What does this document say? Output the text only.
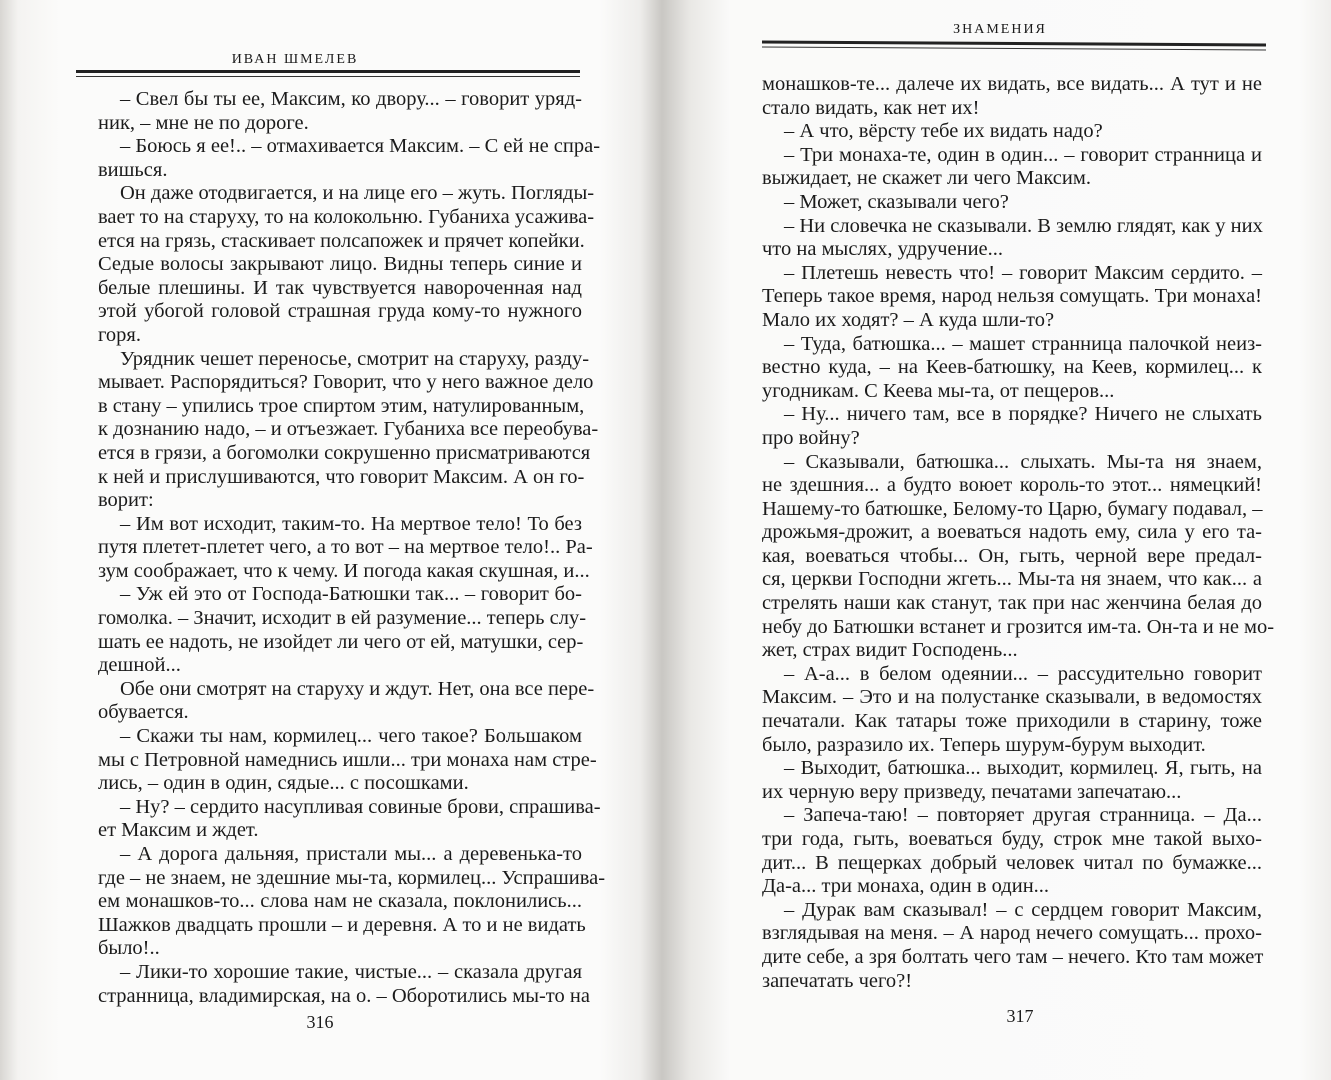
ИВАН ШМЕЛЕВ
– Свел бы ты ее, Максим, ко двору... – говорит уряд-
ник, – мне не по дороге.
– Боюсь я ее!.. – отмахивается Максим. – С ей не спра-
вишься.
Он даже отодвигается, и на лице его – жуть. Погляды-
вает то на старуху, то на колокольню. Губаниха усажива-
ется на грязь, стаскивает полсапожек и прячет копейки.
Седые волосы закрывают лицо. Видны теперь синие и
белые плешины. И так чувствуется навороченная над
этой убогой головой страшная груда кому-то нужного
горя.
Урядник чешет переносье, смотрит на старуху, разду-
мывает. Распорядиться? Говорит, что у него важное дело
в стану – упились трое спиртом этим, натулированным,
к дознанию надо, – и отъезжает. Губаниха все переобува-
ется в грязи, а богомолки сокрушенно присматриваются
к ней и прислушиваются, что говорит Максим. А он го-
ворит:
– Им вот исходит, таким-то. На мертвое тело! То без
путя плетет-плетет чего, а то вот – на мертвое тело!.. Ра-
зум соображает, что к чему. И погода какая скушная, и...
– Уж ей это от Господа-Батюшки так... – говорит бо-
гомолка. – Значит, исходит в ей разумение... теперь слу-
шать ее надоть, не изойдет ли чего от ей, матушки, сер-
дешной...
Обе они смотрят на старуху и ждут. Нет, она все пере-
обувается.
– Скажи ты нам, кормилец... чего такое? Большаком
мы с Петровной намеднись ишли... три монаха нам стре-
лись, – один в один, сядые... с посошками.
– Ну? – сердито насупливая совиные брови, спрашива-
ет Максим и ждет.
– А дорога дальняя, пристали мы... а деревенька-то
где – не знаем, не здешние мы-та, кормилец... Успрашива-
ем монашков-то... слова нам не сказала, поклонились...
Шажков двадцать прошли – и деревня. А то и не видать
было!..
– Лики-то хорошие такие, чистые... – сказала другая
странница, владимирская, на о. – Оборотились мы-то на
316
ЗНАМЕНИЯ
монашков-те... далече их видать, все видать... А тут и не
стало видать, как нет их!
– А что, вёрсту тебе их видать надо?
– Три монаха-те, один в один... – говорит странница и
выжидает, не скажет ли чего Максим.
– Может, сказывали чего?
– Ни словечка не сказывали. В землю глядят, как у них
что на мыслях, удручение...
– Плетешь невесть что! – говорит Максим сердито. –
Теперь такое время, народ нельзя сомущать. Три монаха!
Мало их ходят? – А куда шли-то?
– Туда, батюшка... – машет странница палочкой неиз-
вестно куда, – на Кеев-батюшку, на Кеев, кормилец... к
угодникам. С Кеева мы-та, от пещеров...
– Ну... ничего там, все в порядке? Ничего не слыхать
про войну?
– Сказывали, батюшка... слыхать. Мы-та ня знаем,
не здешния... а будто воюет король-то этот... нямецкий!
Нашему-то батюшке, Белому-то Царю, бумагу подавал, –
дрожьмя-дрожит, а воеваться надоть ему, сила у его та-
кая, воеваться чтобы... Он, гыть, черной вере предал-
ся, церкви Господни жгеть... Мы-та ня знаем, что как... а
стрелять наши как станут, так при нас женчина белая до
небу до Батюшки встанет и грозится им-та. Он-та и не мо-
жет, страх видит Господень...
– А-а... в белом одеянии... – рассудительно говорит
Максим. – Это и на полустанке сказывали, в ведомостях
печатали. Как татары тоже приходили в старину, тоже
было, разразило их. Теперь шурум-бурум выходит.
– Выходит, батюшка... выходит, кормилец. Я, гыть, на
их черную веру призведу, печатами запечатаю...
– Запеча-таю! – повторяет другая странница. – Да...
три года, гыть, воеваться буду, строк мне такой выхо-
дит... В пещерках добрый человек читал по бумажке...
Да-а... три монаха, один в один...
– Дурак вам сказывал! – с сердцем говорит Максим,
взглядывая на меня. – А народ нечего сомущать... прохо-
дите себе, а зря болтать чего там – нечего. Кто там может
запечатать чего?!
317
